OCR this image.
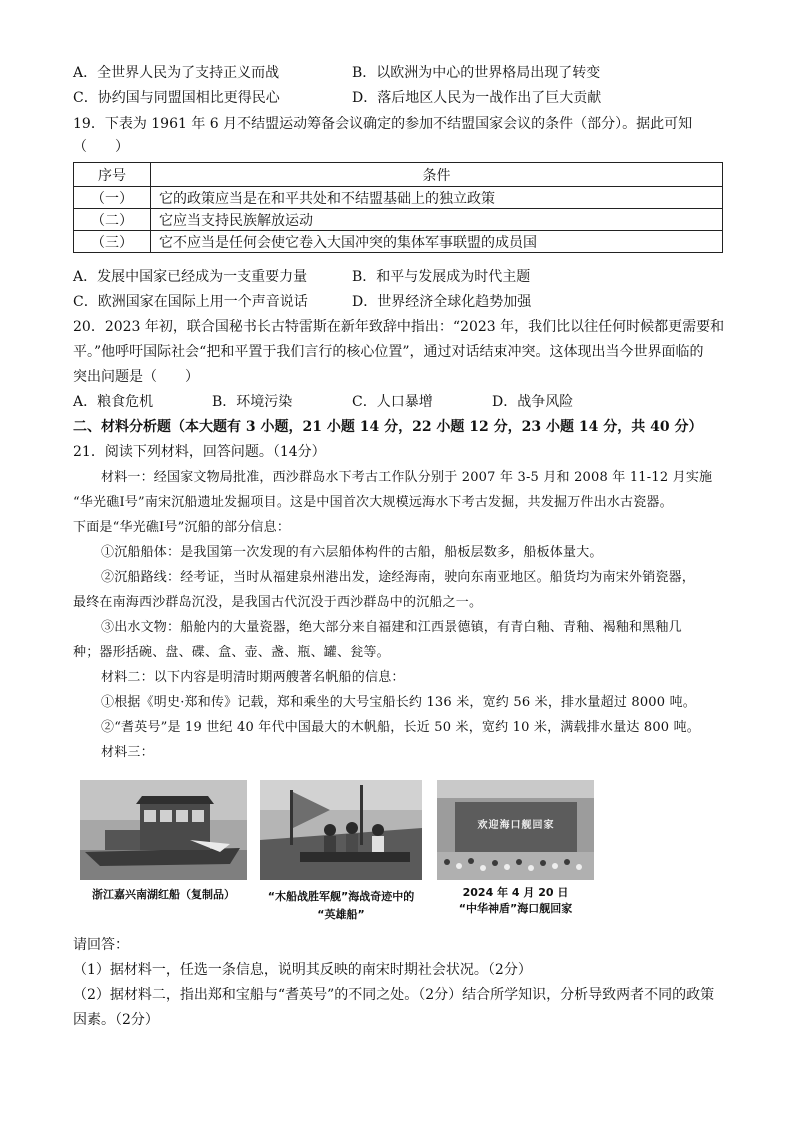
A．全世界人民为了支持正义而战	B．以欧洲为中心的世界格局出现了转变
C．协约国与同盟国相比更得民心	D．落后地区人民为一战作出了巨大贡献
19．下表为 1961 年 6 月不结盟运动筹备会议确定的参加不结盟国家会议的条件（部分）。据此可知
（　　）
序号	条件
（一）	它的政策应当是在和平共处和不结盟基础上的独立政策
（二）	它应当支持民族解放运动
（三）	它不应当是任何会使它卷入大国冲突的集体军事联盟的成员国
A．发展中国家已经成为一支重要力量	B．和平与发展成为时代主题
C．欧洲国家在国际上用一个声音说话	D．世界经济全球化趋势加强
20．2023 年初，联合国秘书长古特雷斯在新年致辞中指出：“2023 年，我们比以往任何时候都更需要和
平。”他呼吁国际社会“把和平置于我们言行的核心位置”，通过对话结束冲突。这体现出当今世界面临的
突出问题是（　　）
A．粮食危机	B．环境污染	C．人口暴增	D．战争风险
二、材料分析题（本大题有 3 小题，21 小题 14 分，22 小题 12 分，23 小题 14 分，共 40 分）
21．阅读下列材料，回答问题。（14分）
材料一：经国家文物局批准，西沙群岛水下考古工作队分别于 2007 年 3-5 月和 2008 年 11-12 月实施
“华光礁Ⅰ号”南宋沉船遗址发掘项目。这是中国首次大规模远海水下考古发掘，共发掘万件出水古瓷器。
下面是“华光礁Ⅰ号”沉船的部分信息：
①沉船船体：是我国第一次发现的有六层船体构件的古船，船板层数多，船板体量大。
②沉船路线：经考证，当时从福建泉州港出发，途经海南，驶向东南亚地区。船货均为南宋外销瓷器，
最终在南海西沙群岛沉没，是我国古代沉没于西沙群岛中的沉船之一。
③出水文物：船舱内的大量瓷器，绝大部分来自福建和江西景德镇，有青白釉、青釉、褐釉和黑釉几
种；器形括碗、盘、碟、盒、壶、盏、瓶、罐、瓮等。
材料二：以下内容是明清时期两艘著名帆船的信息：
①根据《明史·郑和传》记载，郑和乘坐的大号宝船长约 136 米，宽约 56 米，排水量超过 8000 吨。
②“耆英号”是 19 世纪 40 年代中国最大的木帆船，长近 50 米，宽约 10 米，满载排水量达 800 吨。
材料三：
浙江嘉兴南湖红船（复制品）	“木船战胜军舰”海战奇迹中的
“英雄船”
欢迎海口舰回家
2024 年 4 月 20 日
“中华神盾”海口舰回家
请回答：
（1）据材料一，任选一条信息，说明其反映的南宋时期社会状况。（2分）
（2）据材料二，指出郑和宝船与“耆英号”的不同之处。（2分）结合所学知识，分析导致两者不同的政策
因素。（2分）
